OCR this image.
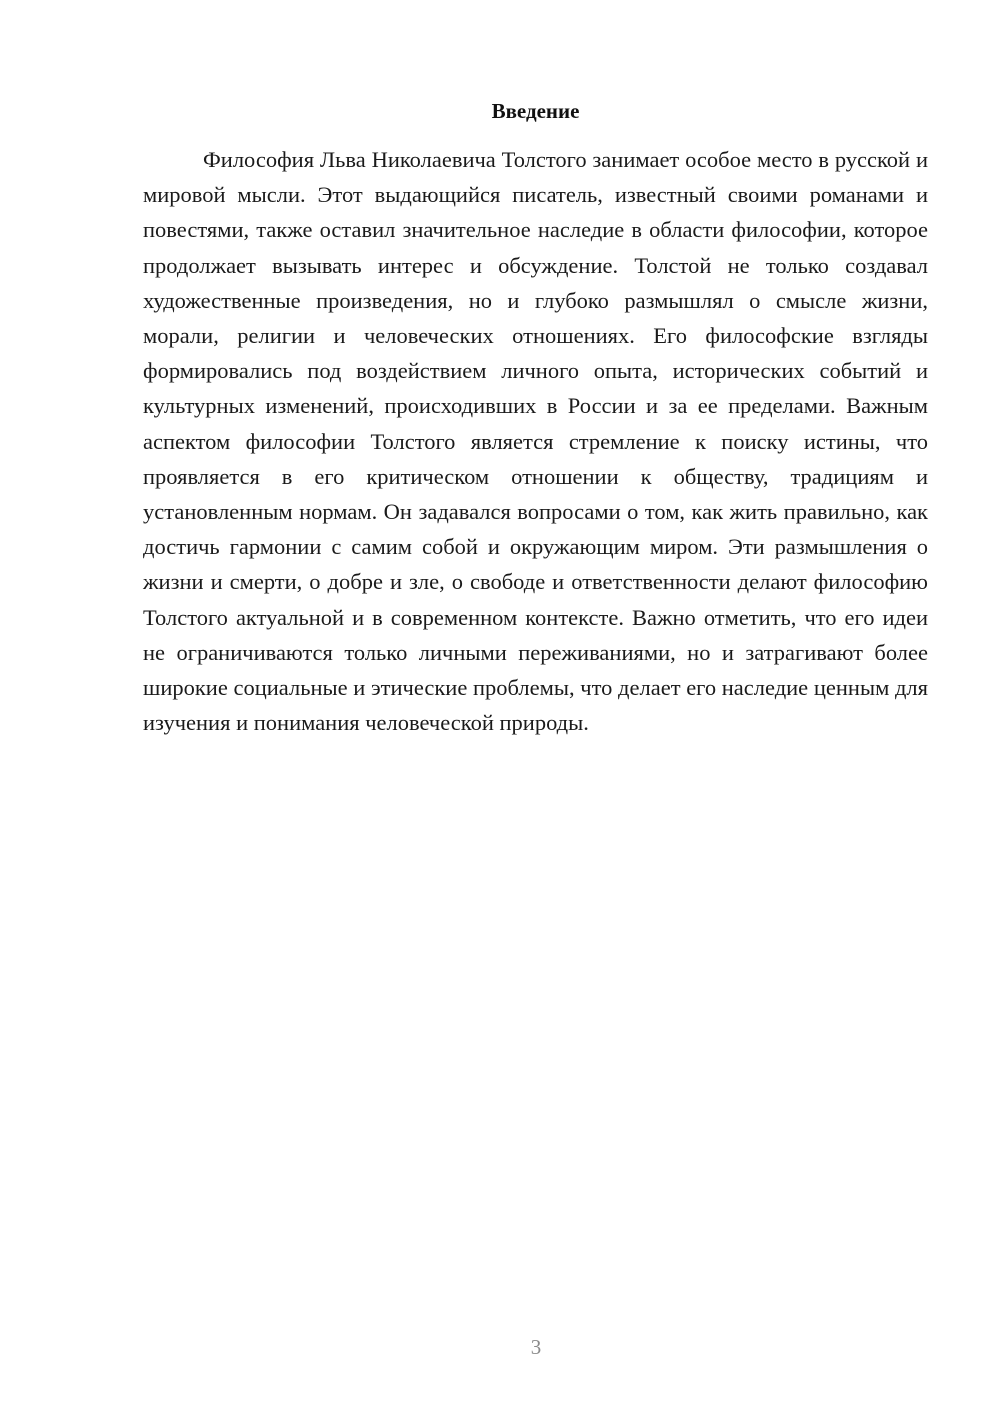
Введение

Философия Льва Николаевича Толстого занимает особое место в русской и мировой мысли. Этот выдающийся писатель, известный своими романами и повестями, также оставил значительное наследие в области философии, которое продолжает вызывать интерес и обсуждение. Толстой не только создавал художественные произведения, но и глубоко размышлял о смысле жизни, морали, религии и человеческих отношениях. Его философские взгляды формировались под воздействием личного опыта, исторических событий и культурных изменений, происходивших в России и за ее пределами. Важным аспектом философии Толстого является стремление к поиску истины, что проявляется в его критическом отношении к обществу, традициям и установленным нормам. Он задавался вопросами о том, как жить правильно, как достичь гармонии с самим собой и окружающим миром. Эти размышления о жизни и смерти, о добре и зле, о свободе и ответственности делают философию Толстого актуальной и в современном контексте. Важно отметить, что его идеи не ограничиваются только личными переживаниями, но и затрагивают более широкие социальные и этические проблемы, что делает его наследие ценным для изучения и понимания человеческой природы.

3
